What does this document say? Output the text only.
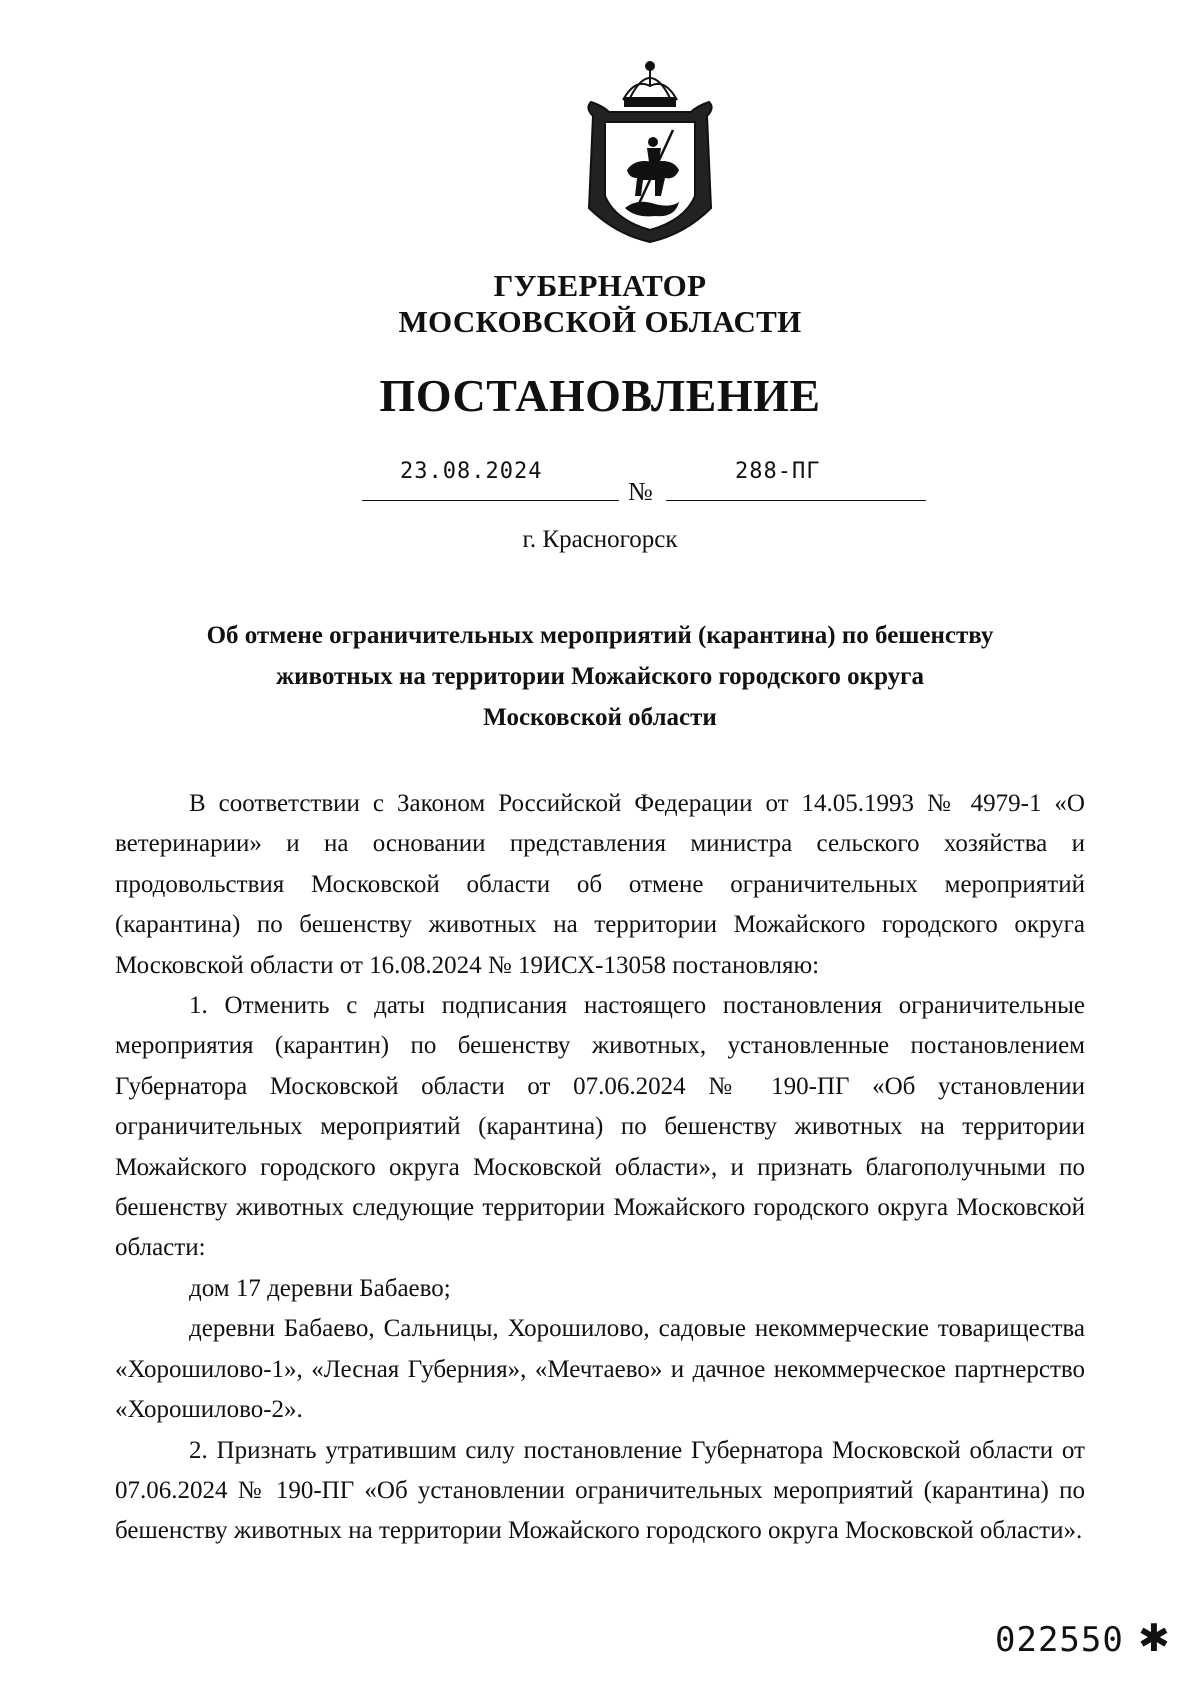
ГУБЕРНАТОР
МОСКОВСКОЙ ОБЛАСТИ
ПОСТАНОВЛЕНИЕ
23.08.2024
№
288-ПГ
г. Красногорск
Об отмене ограничительных мероприятий (карантина) по бешенству
животных на территории Можайского городского округа
Московской области

В соответствии с Законом Российской Федерации от 14.05.1993 № 4979-1 «О ветеринарии» и на основании представления министра сельского хозяйства и продовольствия Московской области об отмене ограничительных мероприятий (карантина) по бешенству животных на территории Можайского городского округа Московской области от 16.08.2024 № 19ИСХ-13058 постановляю:

1. Отменить с даты подписания настоящего постановления ограничительные мероприятия (карантин) по бешенству животных, установленные постановлением Губернатора Московской области от 07.06.2024 № 190-ПГ «Об установлении ограничительных мероприятий (карантина) по бешенству животных на территории Можайского городского округа Московской области», и признать благополучными по бешенству животных следующие территории Можайского городского округа Московской области:

дом 17 деревни Бабаево;

деревни Бабаево, Сальницы, Хорошилово, садовые некоммерческие товарищества «Хорошилово-1», «Лесная Губерния», «Мечтаево» и дачное некоммерческое партнерство «Хорошилово-2».

2. Признать утратившим силу постановление Губернатора Московской области от 07.06.2024 № 190-ПГ «Об установлении ограничительных мероприятий (карантина) по бешенству животных на территории Можайского городского округа Московской области».

022550 ✱
